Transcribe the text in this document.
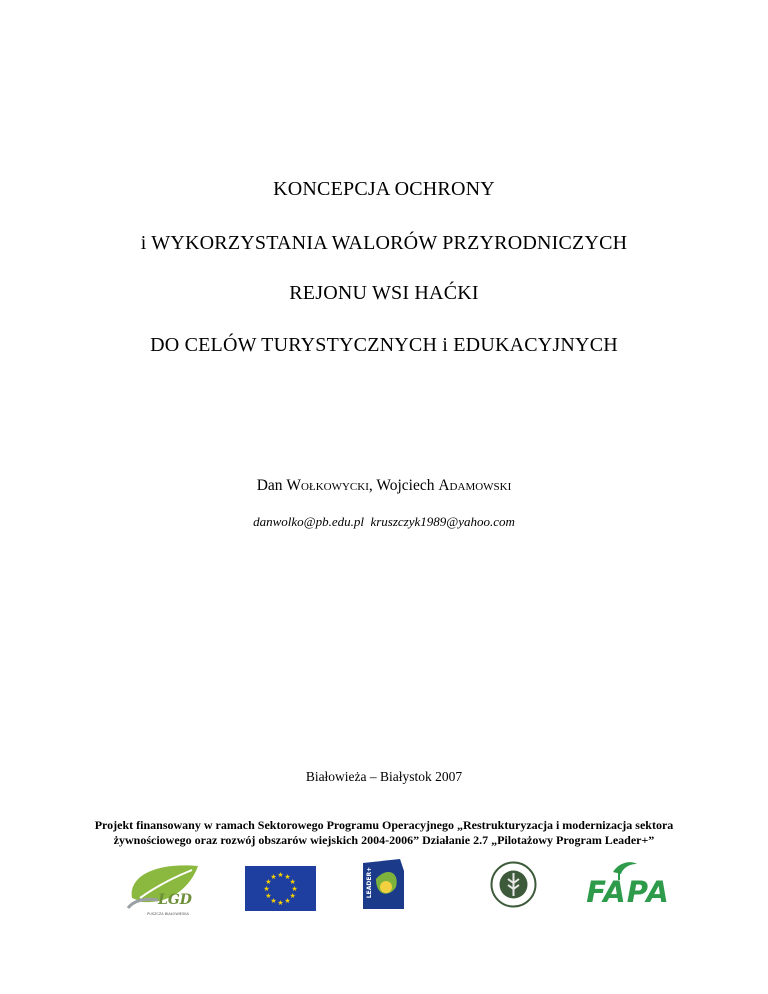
KONCEPCJA OCHRONY
i WYKORZYSTANIA WALORÓW PRZYRODNICZYCH
REJONU WSI HAĆKI
DO CELÓW TURYSTYCZNYCH i EDUKACYJNYCH
Dan Wołkowycki, Wojciech Adamowski
danwolko@pb.edu.pl kruszczyk1989@yahoo.com
Białowieża – Białystok 2007
Projekt finansowany w ramach Sektorowego Programu Operacyjnego „Restrukturyzacja i modernizacja sektora żywnościowego oraz rozwój obszarów wiejskich 2004-2006” Działanie 2.7 „Pilotażowy Program Leader+”
LGD
PUSZCZA BIAŁOWIESKA
★ ★
★
★
★
★
★
★
★
★
★
★	LEADER+	FAPA
